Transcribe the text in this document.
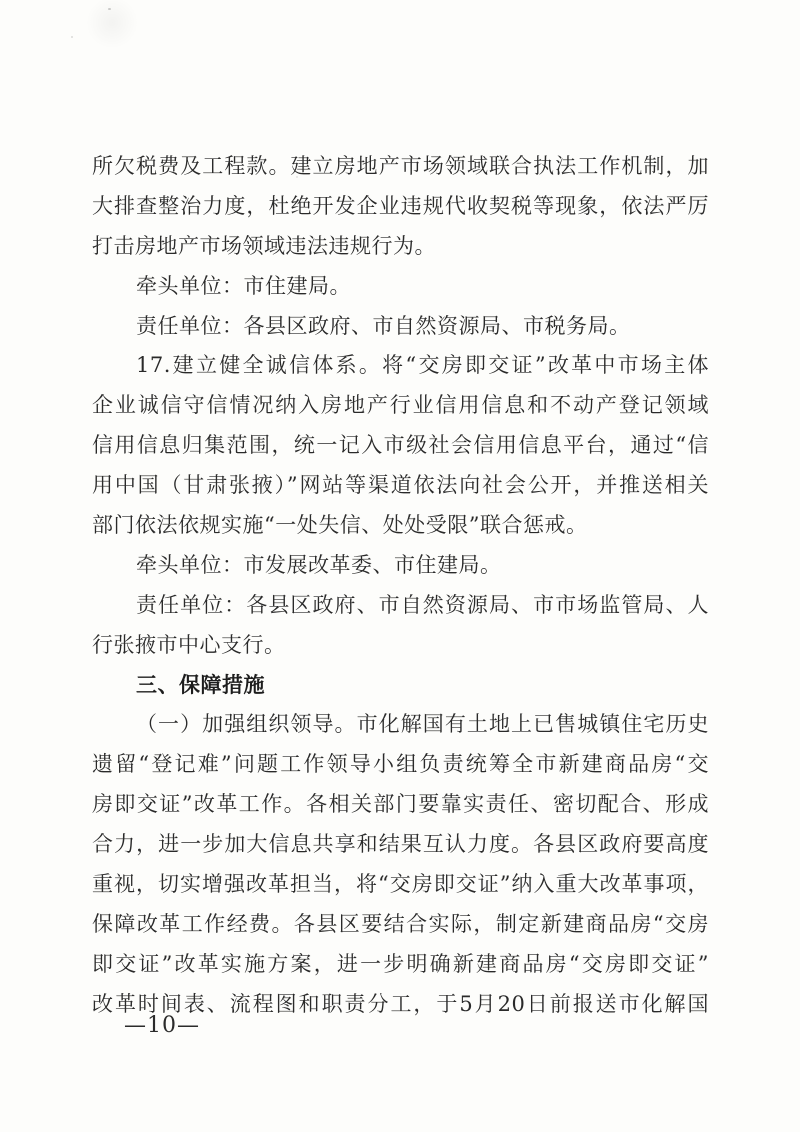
所欠税费及工程款。建立房地产市场领域联合执法工作机制，加
大排查整治力度，杜绝开发企业违规代收契税等现象，依法严厉
打击房地产市场领域违法违规行为。
牵头单位：市住建局。
责任单位：各县区政府、市自然资源局、市税务局。
17.建立健全诚信体系。将“交房即交证”改革中市场主体
企业诚信守信情况纳入房地产行业信用信息和不动产登记领域
信用信息归集范围，统一记入市级社会信用信息平台，通过“信
用中国（甘肃张掖）”网站等渠道依法向社会公开，并推送相关
部门依法依规实施“一处失信、处处受限”联合惩戒。
牵头单位：市发展改革委、市住建局。
责任单位：各县区政府、市自然资源局、市市场监管局、人
行张掖市中心支行。
三、保障措施
（一）加强组织领导。市化解国有土地上已售城镇住宅历史
遗留“登记难”问题工作领导小组负责统筹全市新建商品房“交
房即交证”改革工作。各相关部门要靠实责任、密切配合、形成
合力，进一步加大信息共享和结果互认力度。各县区政府要高度
重视，切实增强改革担当，将“交房即交证”纳入重大改革事项，
保障改革工作经费。各县区要结合实际，制定新建商品房“交房
即交证”改革实施方案，进一步明确新建商品房“交房即交证”
改革时间表、流程图和职责分工，于5月20日前报送市化解国
—10—
